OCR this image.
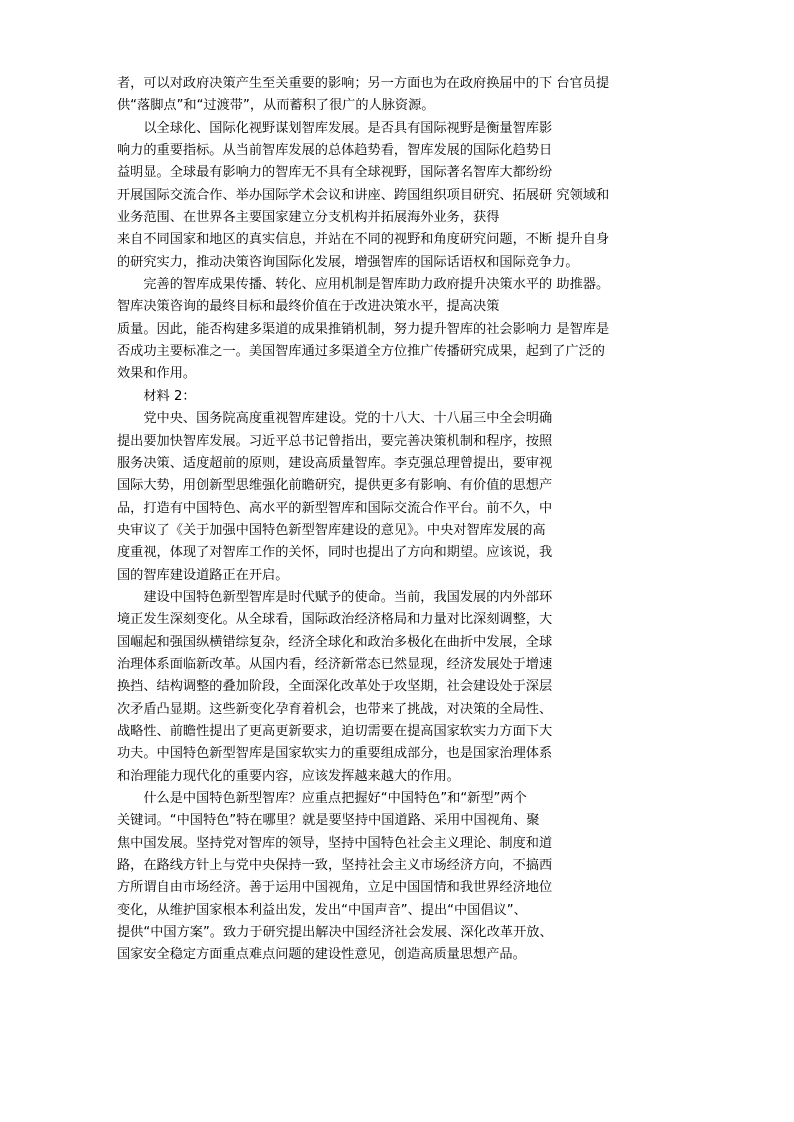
者，可以对政府决策产生至关重要的影响；另一方面也为在政府换届中的下 台官员提
供“落脚点”和“过渡带”，从而蓄积了很广的人脉资源。
　　以全球化、国际化视野谋划智库发展。是否具有国际视野是衡量智库影
响力的重要指标。从当前智库发展的总体趋势看，智库发展的国际化趋势日
益明显。全球最有影响力的智库无不具有全球视野，国际著名智库大都纷纷
开展国际交流合作、举办国际学术会议和讲座、跨国组织项目研究、拓展研 究领域和
业务范围、在世界各主要国家建立分支机构并拓展海外业务，获得
来自不同国家和地区的真实信息，并站在不同的视野和角度研究问题，不断 提升自身
的研究实力，推动决策咨询国际化发展，增强智库的国际话语权和国际竞争力。
　　完善的智库成果传播、转化、应用机制是智库助力政府提升决策水平的 助推器。
智库决策咨询的最终目标和最终价值在于改进决策水平，提高决策
质量。因此，能否构建多渠道的成果推销机制，努力提升智库的社会影响力 是智库是
否成功主要标准之一。美国智库通过多渠道全方位推广传播研究成果，起到了广泛的
效果和作用。
　　材料 2：
　　党中央、国务院高度重视智库建设。党的十八大、十八届三中全会明确
提出要加快智库发展。习近平总书记曾指出，要完善决策机制和程序，按照
服务决策、适度超前的原则，建设高质量智库。李克强总理曾提出，要审视
国际大势，用创新型思维强化前瞻研究，提供更多有影响、有价值的思想产
品，打造有中国特色、高水平的新型智库和国际交流合作平台。前不久，中
央审议了《关于加强中国特色新型智库建设的意见》。中央对智库发展的高
度重视，体现了对智库工作的关怀，同时也提出了方向和期望。应该说，我
国的智库建设道路正在开启。
　　建设中国特色新型智库是时代赋予的使命。当前，我国发展的内外部环
境正发生深刻变化。从全球看，国际政治经济格局和力量对比深刻调整，大
国崛起和强国纵横错综复杂，经济全球化和政治多极化在曲折中发展，全球
治理体系面临新改革。从国内看，经济新常态已然显现，经济发展处于增速
换挡、结构调整的叠加阶段，全面深化改革处于攻坚期，社会建设处于深层
次矛盾凸显期。这些新变化孕育着机会，也带来了挑战，对决策的全局性、
战略性、前瞻性提出了更高更新要求，迫切需要在提高国家软实力方面下大
功夫。中国特色新型智库是国家软实力的重要组成部分，也是国家治理体系
和治理能力现代化的重要内容，应该发挥越来越大的作用。
　　什么是中国特色新型智库？应重点把握好“中国特色”和“新型”两个
关键词。“中国特色”特在哪里？就是要坚持中国道路、采用中国视角、聚
焦中国发展。坚持党对智库的领导，坚持中国特色社会主义理论、制度和道
路，在路线方针上与党中央保持一致，坚持社会主义市场经济方向，不搞西
方所谓自由市场经济。善于运用中国视角，立足中国国情和我世界经济地位
变化，从维护国家根本利益出发，发出“中国声音”、提出“中国倡议”、
提供“中国方案”。致力于研究提出解决中国经济社会发展、深化改革开放、
国家安全稳定方面重点难点问题的建设性意见，创造高质量思想产品。
